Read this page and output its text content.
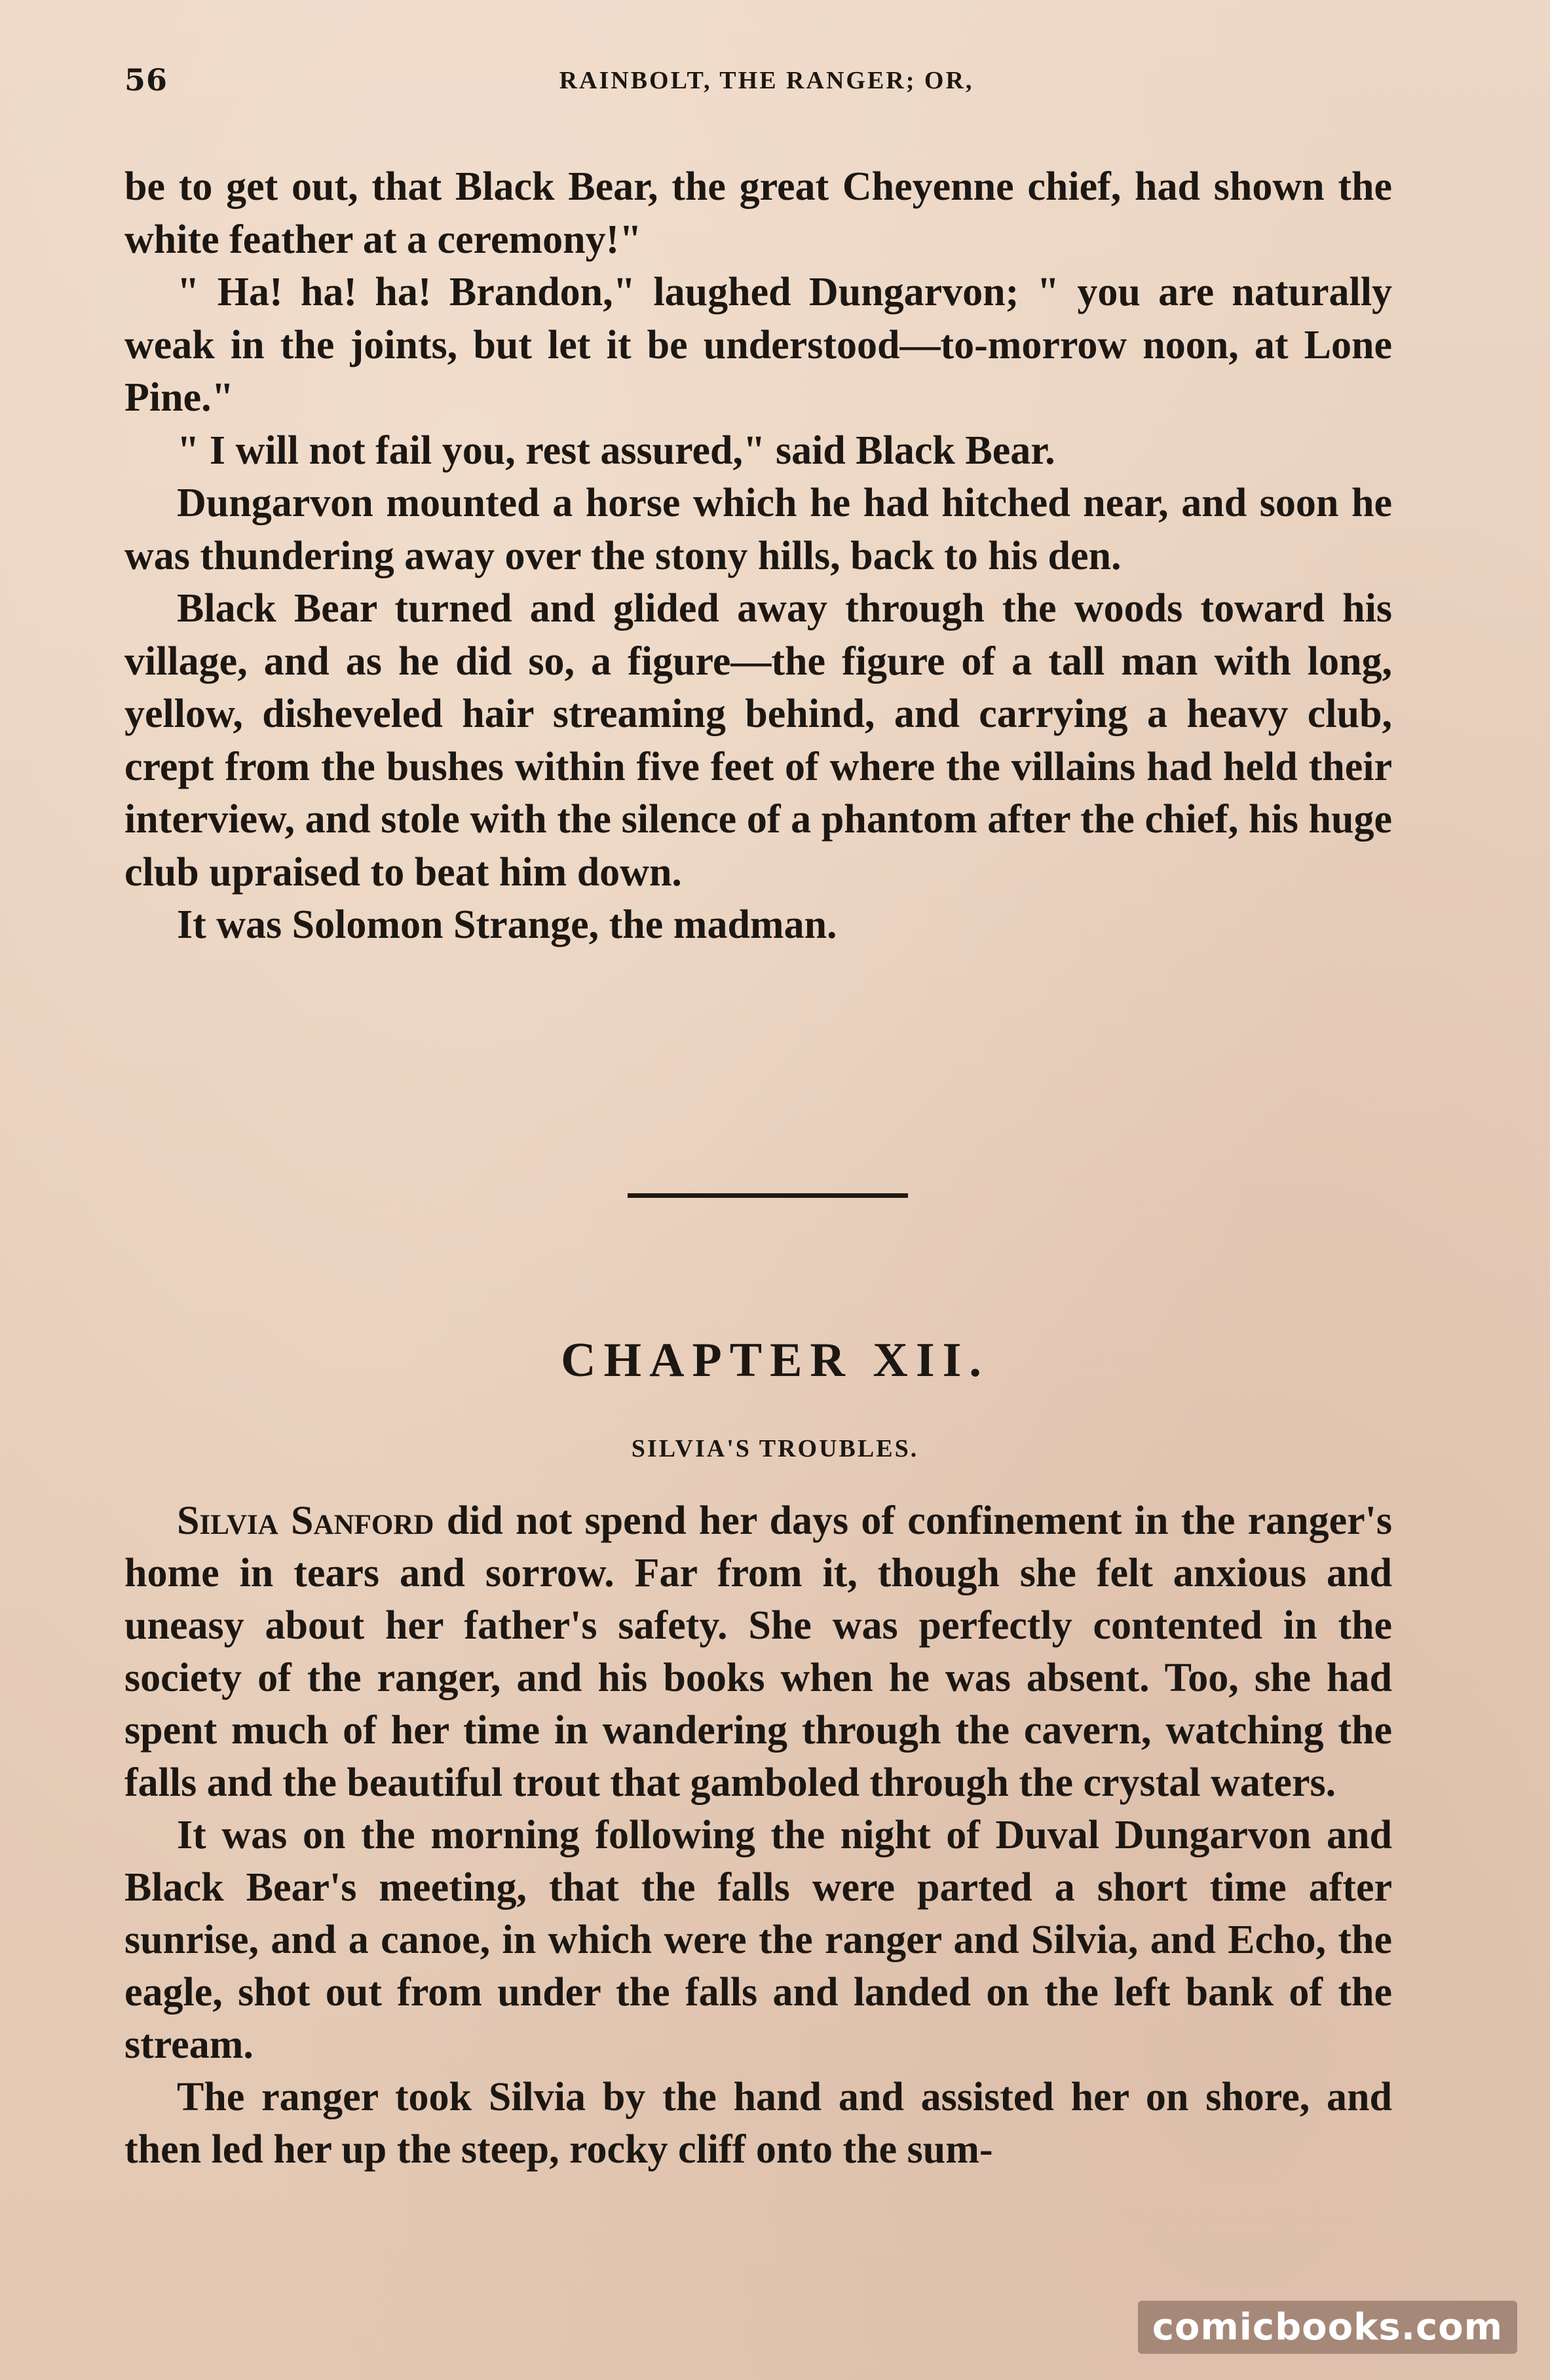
56	RAINBOLT, THE RANGER; OR,

be to get out, that Black Bear, the great Cheyenne chief, had shown the white feather at a ceremony!"

" Ha! ha! ha! Brandon," laughed Dungarvon; " you are naturally weak in the joints, but let it be understood—to-morrow noon, at Lone Pine."

" I will not fail you, rest assured," said Black Bear.

Dungarvon mounted a horse which he had hitched near, and soon he was thundering away over the stony hills, back to his den.

Black Bear turned and glided away through the woods toward his village, and as he did so, a figure—the figure of a tall man with long, yellow, disheveled hair streaming behind, and carrying a heavy club, crept from the bushes within five feet of where the villains had held their interview, and stole with the silence of a phantom after the chief, his huge club upraised to beat him down.

It was Solomon Strange, the madman.

CHAPTER XII.
SILVIA'S TROUBLES.

Silvia Sanford did not spend her days of confinement in the ranger's home in tears and sorrow. Far from it, though she felt anxious and uneasy about her father's safety. She was perfectly contented in the society of the ranger, and his books when he was absent. Too, she had spent much of her time in wandering through the cavern, watching the falls and the beautiful trout that gamboled through the crystal waters.

It was on the morning following the night of Duval Dungarvon and Black Bear's meeting, that the falls were parted a short time after sunrise, and a canoe, in which were the ranger and Silvia, and Echo, the eagle, shot out from under the falls and landed on the left bank of the stream.

The ranger took Silvia by the hand and assisted her on shore, and then led her up the steep, rocky cliff onto the sum-

comicbooks.com
